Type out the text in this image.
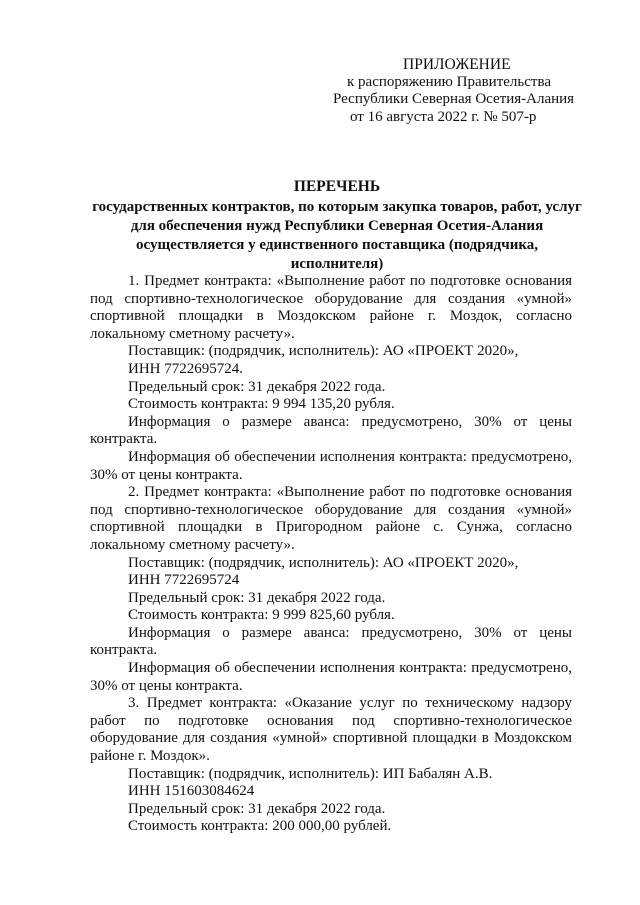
ПРИЛОЖЕНИЕ
к распоряжению Правительства
Республики Северная Осетия-Алания
от 16 августа 2022 г. № 507-р
ПЕРЕЧЕНЬ
государственных контрактов, по которым закупка товаров, работ, услуг для обеспечения нужд Республики Северная Осетия-Алания осуществляется у единственного поставщика (подрядчика, исполнителя)

1. Предмет контракта: «Выполнение работ по подготовке основания под спортивно-технологическое оборудование для создания «умной» спортивной площадки в Моздокском районе г. Моздок, согласно локальному сметному расчету».

Поставщик: (подрядчик, исполнитель): АО «ПРОЕКТ 2020»,

ИНН 7722695724.

Предельный срок: 31 декабря 2022 года.

Стоимость контракта: 9 994 135,20 рубля.

Информация о размере аванса: предусмотрено, 30% от цены контракта.

Информация об обеспечении исполнения контракта: предусмотрено, 30% от цены контракта.

2. Предмет контракта: «Выполнение работ по подготовке основания под спортивно-технологическое оборудование для создания «умной» спортивной площадки в Пригородном районе с. Сунжа, согласно локальному сметному расчету».

Поставщик: (подрядчик, исполнитель): АО «ПРОЕКТ 2020»,

ИНН 7722695724

Предельный срок: 31 декабря 2022 года.

Стоимость контракта: 9 999 825,60 рубля.

Информация о размере аванса: предусмотрено, 30% от цены контракта.

Информация об обеспечении исполнения контракта: предусмотрено, 30% от цены контракта.

3. Предмет контракта: «Оказание услуг по техническому надзору работ по подготовке основания под спортивно-технологическое оборудование для создания «умной» спортивной площадки в Моздокском районе г. Моздок».

Поставщик: (подрядчик, исполнитель): ИП Бабалян А.В.

ИНН 151603084624

Предельный срок: 31 декабря 2022 года.

Стоимость контракта: 200 000,00 рублей.
